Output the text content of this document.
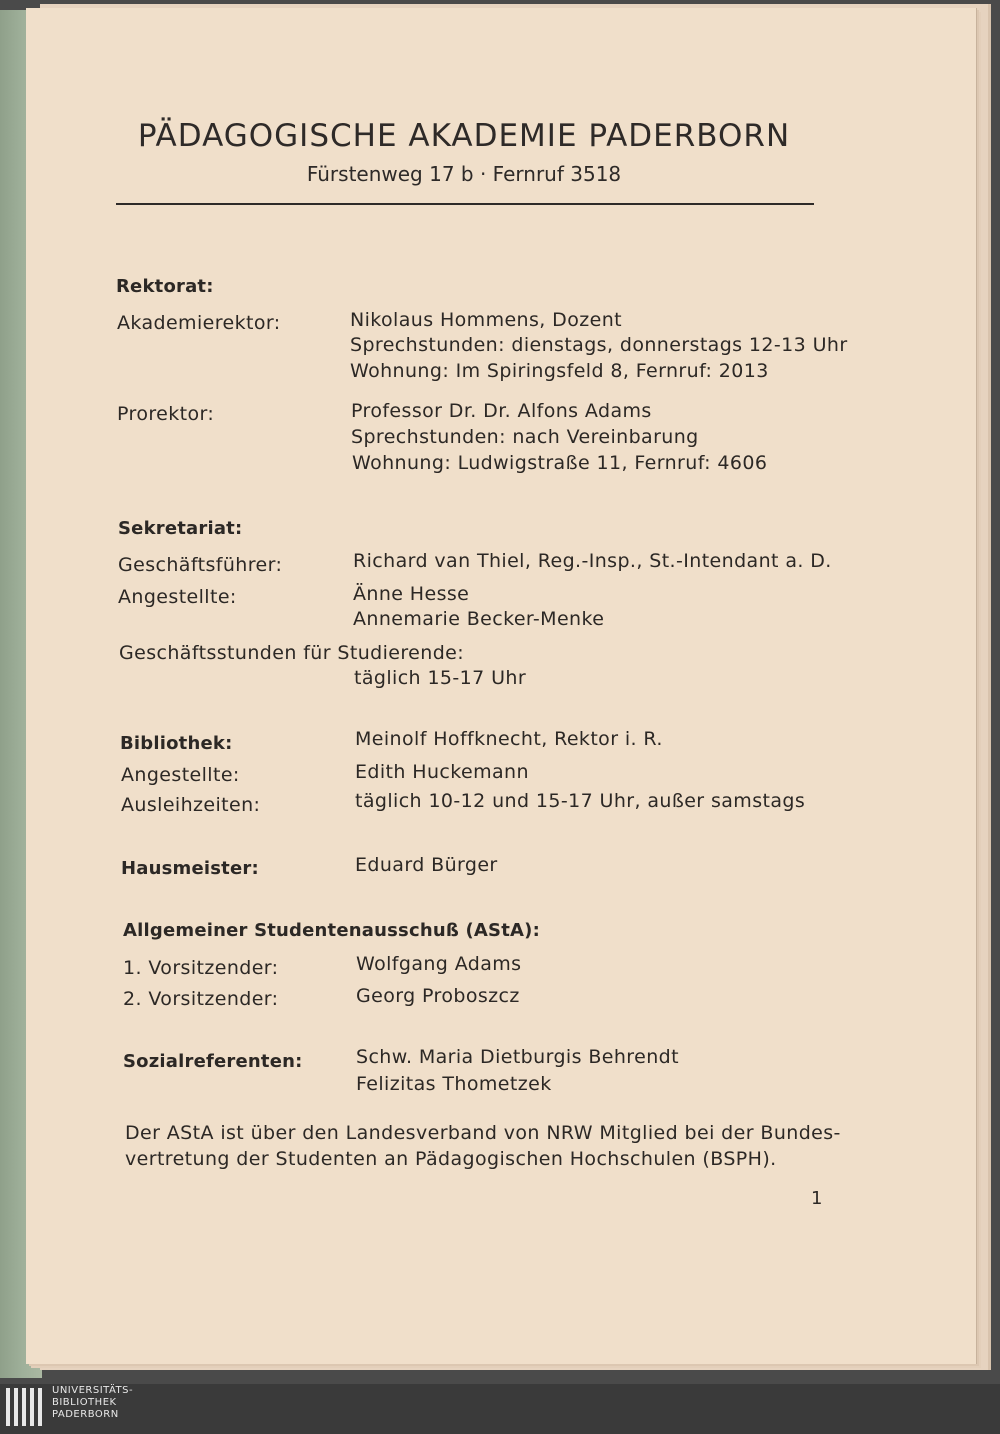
PÄDAGOGISCHE AKADEMIE PADERBORN
Fürstenweg 17 b · Fernruf 3518
Rektorat:
Akademierektor:	Nikolaus Hommens, Dozent
Sprechstunden: dienstags, donnerstags 12-13 Uhr
Wohnung: Im Spiringsfeld 8, Fernruf: 2013
Prorektor:	Professor Dr. Dr. Alfons Adams
Sprechstunden: nach Vereinbarung
Wohnung: Ludwigstraße 11, Fernruf: 4606
Sekretariat:
Geschäftsführer:	Richard van Thiel, Reg.-Insp., St.-Intendant a. D.
Angestellte:	Änne Hesse
Annemarie Becker-Menke
Geschäftsstunden für Studierende:
täglich 15-17 Uhr
Bibliothek:	Meinolf Hoffknecht, Rektor i. R.
Angestellte:	Edith Huckemann
Ausleihzeiten:	täglich 10-12 und 15-17 Uhr, außer samstags
Hausmeister:	Eduard Bürger
Allgemeiner Studentenausschuß (AStA):
1. Vorsitzender:	Wolfgang Adams
2. Vorsitzender:	Georg Proboszcz
Sozialreferenten:	Schw. Maria Dietburgis Behrendt
Felizitas Thometzek
Der AStA ist über den Landesverband von NRW Mitglied bei der Bundes-
vertretung der Studenten an Pädagogischen Hochschulen (BSPH).
1
UNIVERSITÄTS-
BIBLIOTHEK
PADERBORN
